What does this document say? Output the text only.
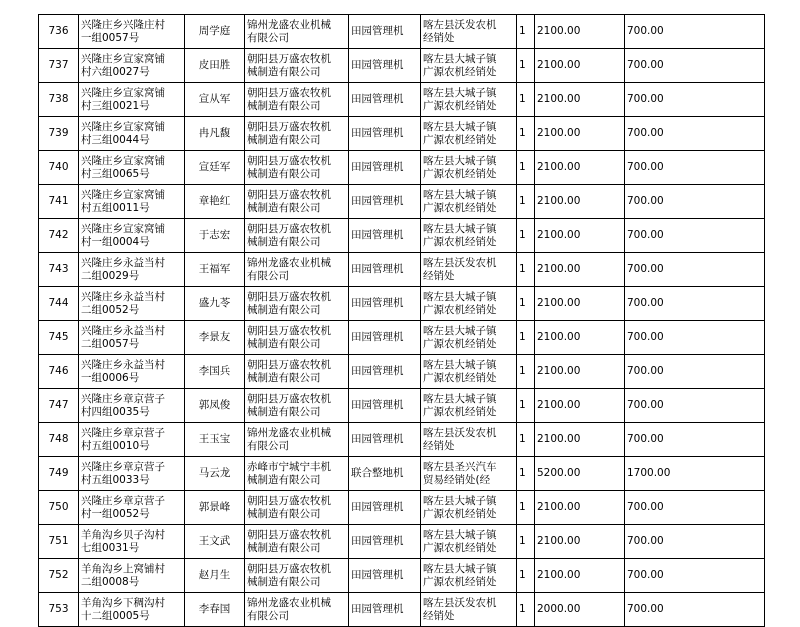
736	兴隆庄乡兴隆庄村
一组0057号	周学庭	锦州龙盛农业机械
有限公司	田园管理机	喀左县沃发农机
经销处	1	2100.00	700.00
737	兴隆庄乡宣家窝铺
村六组0027号	皮田胜	朝阳县万盛农牧机
械制造有限公司	田园管理机	喀左县大城子镇
广源农机经销处	1	2100.00	700.00
738	兴隆庄乡宣家窝铺
村三组0021号	宣从军	朝阳县万盛农牧机
械制造有限公司	田园管理机	喀左县大城子镇
广源农机经销处	1	2100.00	700.00
739	兴隆庄乡宣家窝铺
村三组0044号	冉凡馥	朝阳县万盛农牧机
械制造有限公司	田园管理机	喀左县大城子镇
广源农机经销处	1	2100.00	700.00
740	兴隆庄乡宣家窝铺
村三组0065号	宣廷军	朝阳县万盛农牧机
械制造有限公司	田园管理机	喀左县大城子镇
广源农机经销处	1	2100.00	700.00
741	兴隆庄乡宣家窝铺
村五组0011号	章艳红	朝阳县万盛农牧机
械制造有限公司	田园管理机	喀左县大城子镇
广源农机经销处	1	2100.00	700.00
742	兴隆庄乡宣家窝铺
村一组0004号	于志宏	朝阳县万盛农牧机
械制造有限公司	田园管理机	喀左县大城子镇
广源农机经销处	1	2100.00	700.00
743	兴隆庄乡永益当村
二组0029号	王福军	锦州龙盛农业机械
有限公司	田园管理机	喀左县沃发农机
经销处	1	2100.00	700.00
744	兴隆庄乡永益当村
二组0052号	盛九苓	朝阳县万盛农牧机
械制造有限公司	田园管理机	喀左县大城子镇
广源农机经销处	1	2100.00	700.00
745	兴隆庄乡永益当村
二组0057号	李景友	朝阳县万盛农牧机
械制造有限公司	田园管理机	喀左县大城子镇
广源农机经销处	1	2100.00	700.00
746	兴隆庄乡永益当村
一组0006号	李国兵	朝阳县万盛农牧机
械制造有限公司	田园管理机	喀左县大城子镇
广源农机经销处	1	2100.00	700.00
747	兴隆庄乡章京营子
村四组0035号	郭凤俊	朝阳县万盛农牧机
械制造有限公司	田园管理机	喀左县大城子镇
广源农机经销处	1	2100.00	700.00
748	兴隆庄乡章京营子
村五组0010号	王玉宝	锦州龙盛农业机械
有限公司	田园管理机	喀左县沃发农机
经销处	1	2100.00	700.00
749	兴隆庄乡章京营子
村五组0033号	马云龙	赤峰市宁城宁丰机
械制造有限公司	联合整地机	喀左县圣兴汽车
贸易经销处(经	1	5200.00	1700.00
750	兴隆庄乡章京营子
村一组0052号	郭景峰	朝阳县万盛农牧机
械制造有限公司	田园管理机	喀左县大城子镇
广源农机经销处	1	2100.00	700.00
751	羊角沟乡贝子沟村
七组0031号	王文武	朝阳县万盛农牧机
械制造有限公司	田园管理机	喀左县大城子镇
广源农机经销处	1	2100.00	700.00
752	羊角沟乡上窝铺村
二组0008号	赵月生	朝阳县万盛农牧机
械制造有限公司	田园管理机	喀左县大城子镇
广源农机经销处	1	2100.00	700.00
753	羊角沟乡下稠沟村
十二组0005号	李春国	锦州龙盛农业机械
有限公司	田园管理机	喀左县沃发农机
经销处	1	2000.00	700.00
